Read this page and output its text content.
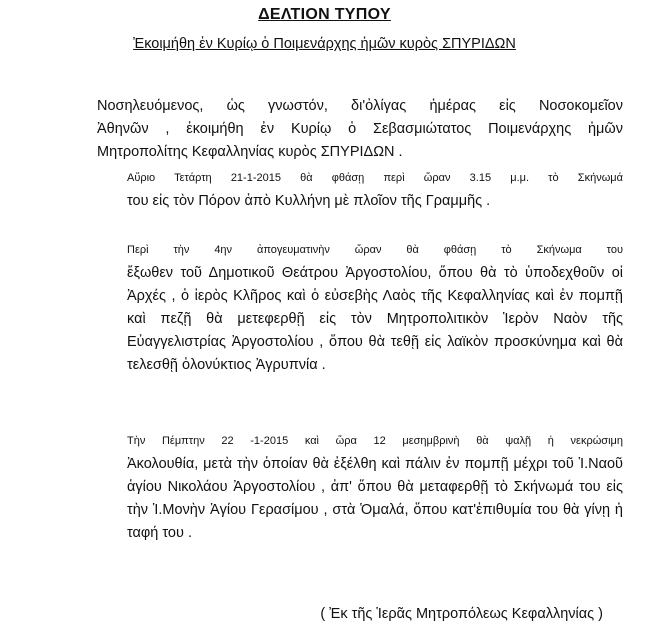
ΔΕΛΤΙΟΝ ΤΥΠΟΥ
Ἐκοιμήθη ἐν Κυρίῳ ὁ Ποιμενάρχης ἡμῶν κυρὸς ΣΠΥΡΙΔΩΝ
Νοσηλευόμενος, ὡς γνωστόν, δι'ὀλίγας ἡμέρας εἰς Νοσοκομεῖον
Ἀθηνῶν , ἐκοιμήθη ἐν Κυρίῳ ὁ Σεβασμιώτατος Ποιμενάρχης ἡμῶν
Μητροπολίτης Κεφαλληνίας κυρὸς ΣΠΥΡΙΔΩΝ .
Αὔριο Τετάρτη 21-1-2015 θὰ φθάσῃ περὶ ὥραν 3.15 μ.μ. τὸ Σκήνωμά
του εἰς τὸν Πόρον ἀπὸ Κυλλήνη μὲ πλοῖον τῆς Γραμμῆς .
Περὶ τὴν 4ην ἀπογευματινὴν ὥραν θὰ φθάσῃ τὸ Σκήνωμα του
ἔξωθεν τοῦ Δημοτικοῦ Θεάτρου Ἀργοστολίου, ὅπου θὰ τὸ ὑποδεχθοῦν οἱ
Ἀρχές , ὁ ἱερὸς Κλῆρος καὶ ὁ εὐσεβὴς Λαὸς τῆς Κεφαλληνίας καὶ ἐν πομπῇ
καὶ πεζῇ θὰ μετεφερθῇ εἰς τὸν Μητροπολιτικὸν Ἱερὸν Ναὸν τῆς
Εὐαγγελιστρίας Ἀργοστολίου , ὅπου θὰ τεθῇ εἰς λαϊκὸν προσκύνημα καὶ θὰ
τελεσθῇ ὁλονύκτιος Ἀγρυπνία .
Τὴν Πέμπτην 22 -1-2015 καὶ ὥρα 12 μεσημβρινὴ θὰ ψαλῇ ἡ νεκρώσιμη
Ἀκολουθία, μετὰ τὴν ὁποίαν θὰ ἐξέλθη καὶ πάλιν ἐν πομπῇ μέχρι τοῦ Ἱ.Ναοῦ
ἁγίου Νικολάου Ἀργοστολίου , ἀπ' ὅπου θὰ μεταφερθῇ τὸ Σκήνωμά του εἰς
τὴν Ἱ.Μονὴν Ἁγίου Γερασίμου , στὰ Ὁμαλά, ὅπου κατ'ἐπιθυμία του θὰ γίνῃ ἡ
ταφή του .
( Ἐκ τῆς Ἱερᾶς Μητροπόλεως Κεφαλληνίας )
